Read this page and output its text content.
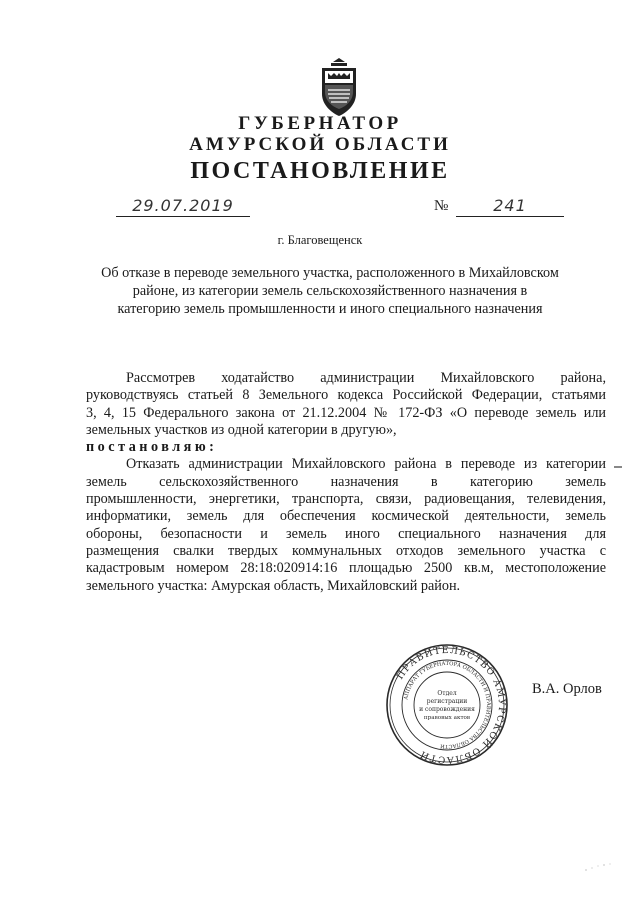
ГУБЕРНАТОР
АМУРСКОЙ ОБЛАСТИ
ПОСТАНОВЛЕНИЕ
29.07.2019	№	241
г. Благовещенск
Об отказе в переводе земельного участка, расположенного в Михайловском
районе, из категории земель сельскохозяйственного назначения в
категорию земель промышленности и иного специального назначения
Рассмотрев ходатайство администрации Михайловского района,
руководствуясь статьей 8 Земельного кодекса Российской Федерации, статьями
3, 4, 15 Федерального закона от 21.12.2004 № 172-ФЗ «О переводе земель или
земельных участков из одной категории в другую»,
постановляю:
Отказать администрации Михайловского района в переводе из категории
земель сельскохозяйственного назначения в категорию земель
промышленности, энергетики, транспорта, связи, радиовещания, телевидения,
информатики, земель для обеспечения космической деятельности, земель
обороны, безопасности и земель иного специального назначения для
размещения свалки твердых коммунальных отходов земельного участка с
кадастровым номером 28:18:020914:16 площадью 2500 кв.м, местоположение
земельного участка: Амурская область, Михайловский район.
ПРАВИТЕЛЬСТВО АМУРСКОЙ ОБЛАСТИ
АППАРАТ ГУБЕРНАТОРА ОБЛАСТИ И ПРАВИТЕЛЬСТВА ОБЛАСТИ
Отдел
регистрации
и сопровождения
правовых актов
В.А. Орлов
